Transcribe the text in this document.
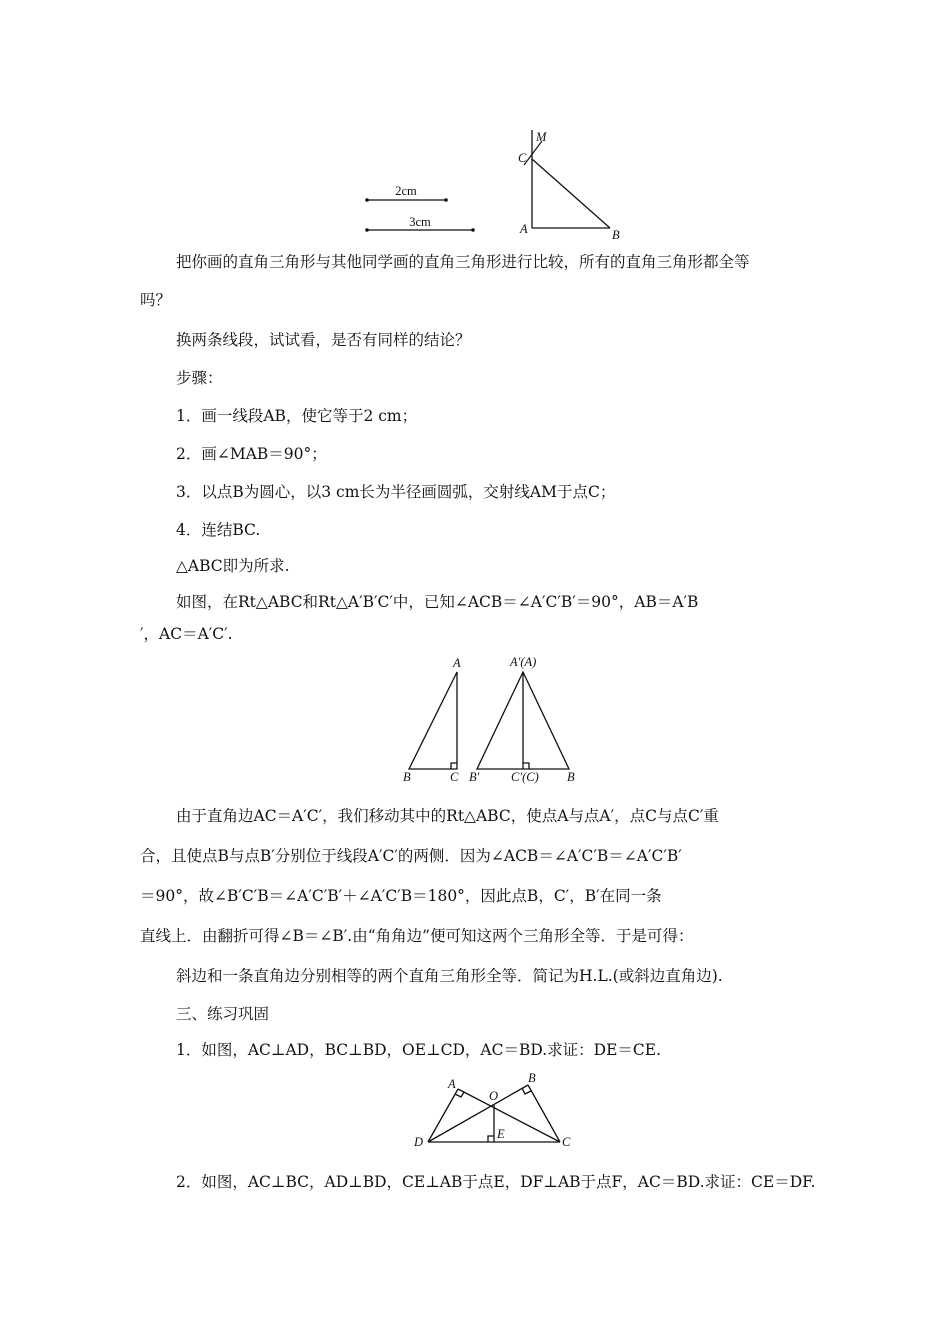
2cm
3cm
M
C
A	B
把你画的直角三角形与其他同学画的直角三角形进行比较，所有的直角三角形都全等
吗？
换两条线段，试试看，是否有同样的结论？
步骤：
1．画一线段AB，使它等于2 cm；
2．画∠MAB＝90°；
3．以点B为圆心，以3 cm长为半径画圆弧，交射线AM于点C；
4．连结BC.
△ABC即为所求.
如图，在Rt△ABC和Rt△A′B′C′中，已知∠ACB＝∠A′C′B′＝90°，AB＝A′B
′，AC＝A′C′.
A
B	C
A′(A)
B′	C′(C) B
由于直角边AC＝A′C′，我们移动其中的Rt△ABC，使点A与点A′，点C与点C′重
合，且使点B与点B′分别位于线段A′C′的两侧．因为∠ACB＝∠A′C′B＝∠A′C′B′
＝90°，故∠B′C′B＝∠A′C′B′＋∠A′C′B＝180°，因此点B，C′，B′在同一条
直线上．由翻折可得∠B＝∠B′.由“角角边”便可知这两个三角形全等．于是可得：
斜边和一条直角边分别相等的两个直角三角形全等．简记为H.L.(或斜边直角边).
三、练习巩固
1．如图，AC⊥AD，BC⊥BD，OE⊥CD，AC＝BD.求证：DE＝CE.
A	B
O
D
E
C
2．如图，AC⊥BC，AD⊥BD，CE⊥AB于点E，DF⊥AB于点F，AC＝BD.求证：CE＝DF.
